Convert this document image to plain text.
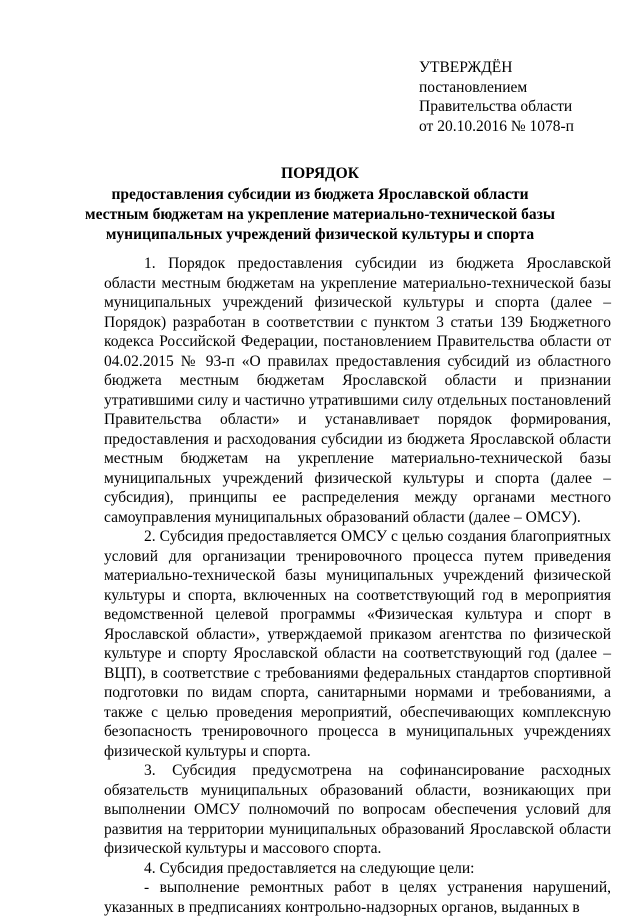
УТВЕРЖДЁН
постановлением
Правительства области
от 20.10.2016 № 1078-п
ПОРЯДОК
предоставления субсидии из бюджета Ярославской области
местным бюджетам на укрепление материально-технической базы
муниципальных учреждений физической культуры и спорта

1. Порядок предоставления субсидии из бюджета Ярославской области местным бюджетам на укрепление материально-технической базы муниципальных учреждений физической культуры и спорта (далее – Порядок) разработан в соответствии с пунктом 3 статьи 139 Бюджетного кодекса Российской Федерации, постановлением Правительства области от 04.02.2015 № 93-п «О правилах предоставления субсидий из областного бюджета местным бюджетам Ярославской области и признании утратившими силу и частично утратившими силу отдельных постановлений Правительства области» и устанавливает порядок формирования, предоставления и расходования субсидии из бюджета Ярославской области местным бюджетам на укрепление материально-технической базы муниципальных учреждений физической культуры и спорта (далее – субсидия), принципы ее распределения между органами местного самоуправления муниципальных образований области (далее – ОМСУ).

2. Субсидия предоставляется ОМСУ с целью создания благоприятных условий для организации тренировочного процесса путем приведения материально-технической базы муниципальных учреждений физической культуры и спорта, включенных на соответствующий год в мероприятия ведомственной целевой программы «Физическая культура и спорт в Ярославской области», утверждаемой приказом агентства по физической культуре и спорту Ярославской области на соответствующий год (далее – ВЦП), в соответствие с требованиями федеральных стандартов спортивной подготовки по видам спорта, санитарными нормами и требованиями, а также с целью проведения мероприятий, обеспечивающих комплексную безопасность тренировочного процесса в муниципальных учреждениях физической культуры и спорта.

3. Субсидия предусмотрена на софинансирование расходных обязательств муниципальных образований области, возникающих при выполнении ОМСУ полномочий по вопросам обеспечения условий для развития на территории муниципальных образований Ярославской области физической культуры и массового спорта.

4. Субсидия предоставляется на следующие цели:

- выполнение ремонтных работ в целях устранения нарушений, указанных в предписаниях контрольно-надзорных органов, выданных в
